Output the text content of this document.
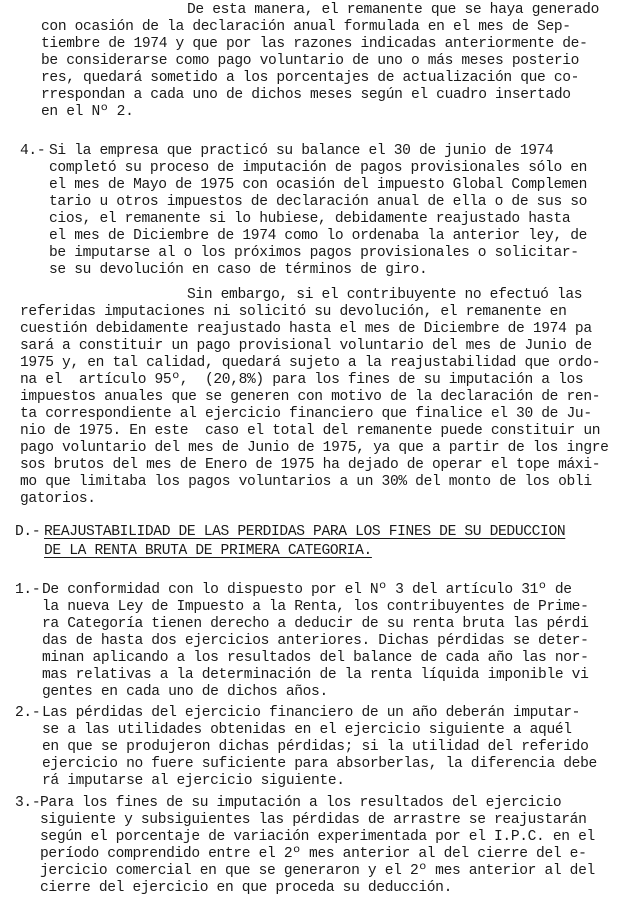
De esta manera, el remanente que se haya generado
con ocasión de la declaración anual formulada en el mes de Sep-
tiembre de 1974 y que por las razones indicadas anteriormente de-
be considerarse como pago voluntario de uno o más meses posterio
res, quedará sometido a los porcentajes de actualización que co-
rrespondan a cada uno de dichos meses según el cuadro insertado
en el Nº 2.
4.- Si la empresa que practicó su balance el 30 de junio de 1974
completó su proceso de imputación de pagos provisionales sólo en
el mes de Mayo de 1975 con ocasión del impuesto Global Complemen
tario u otros impuestos de declaración anual de ella o de sus so
cios, el remanente si lo hubiese, debidamente reajustado hasta
el mes de Diciembre de 1974 como lo ordenaba la anterior ley, de
be imputarse al o los próximos pagos provisionales o solicitar-
se su devolución en caso de términos de giro.
Sin embargo, si el contribuyente no efectuó las
referidas imputaciones ni solicitó su devolución, el remanente en
cuestión debidamente reajustado hasta el mes de Diciembre de 1974 pa
sará a constituir un pago provisional voluntario del mes de Junio de
1975 y, en tal calidad, quedará sujeto a la reajustabilidad que ordo-
na el  artículo 95º,  (20,8%) para los fines de su imputación a los
impuestos anuales que se generen con motivo de la declaración de ren-
ta correspondiente al ejercicio financiero que finalice el 30 de Ju-
nio de 1975. En este  caso el total del remanente puede constituir un
pago voluntario del mes de Junio de 1975, ya que a partir de los ingre
sos brutos del mes de Enero de 1975 ha dejado de operar el tope máxi-
mo que limitaba los pagos voluntarios a un 30% del monto de los obli
gatorios.
D.- REAJUSTABILIDAD DE LAS PERDIDAS PARA LOS FINES DE SU DEDUCCION
DE LA RENTA BRUTA DE PRIMERA CATEGORIA.
1.- De conformidad con lo dispuesto por el Nº 3 del artículo 31º de
la nueva Ley de Impuesto a la Renta, los contribuyentes de Prime-
ra Categoría tienen derecho a deducir de su renta bruta las pérdi
das de hasta dos ejercicios anteriores. Dichas pérdidas se deter-
minan aplicando a los resultados del balance de cada año las nor-
mas relativas a la determinación de la renta líquida imponible vi
gentes en cada uno de dichos años.
2.- Las pérdidas del ejercicio financiero de un año deberán imputar-
se a las utilidades obtenidas en el ejercicio siguiente a aquél
en que se produjeron dichas pérdidas; si la utilidad del referido
ejercicio no fuere suficiente para absorberlas, la diferencia debe
rá imputarse al ejercicio siguiente.
3.- Para los fines de su imputación a los resultados del ejercicio
siguiente y subsiguientes las pérdidas de arrastre se reajustarán
según el porcentaje de variación experimentada por el I.P.C. en el
período comprendido entre el 2º mes anterior al del cierre del e-
jercicio comercial en que se generaron y el 2º mes anterior al del
cierre del ejercicio en que proceda su deducción.
